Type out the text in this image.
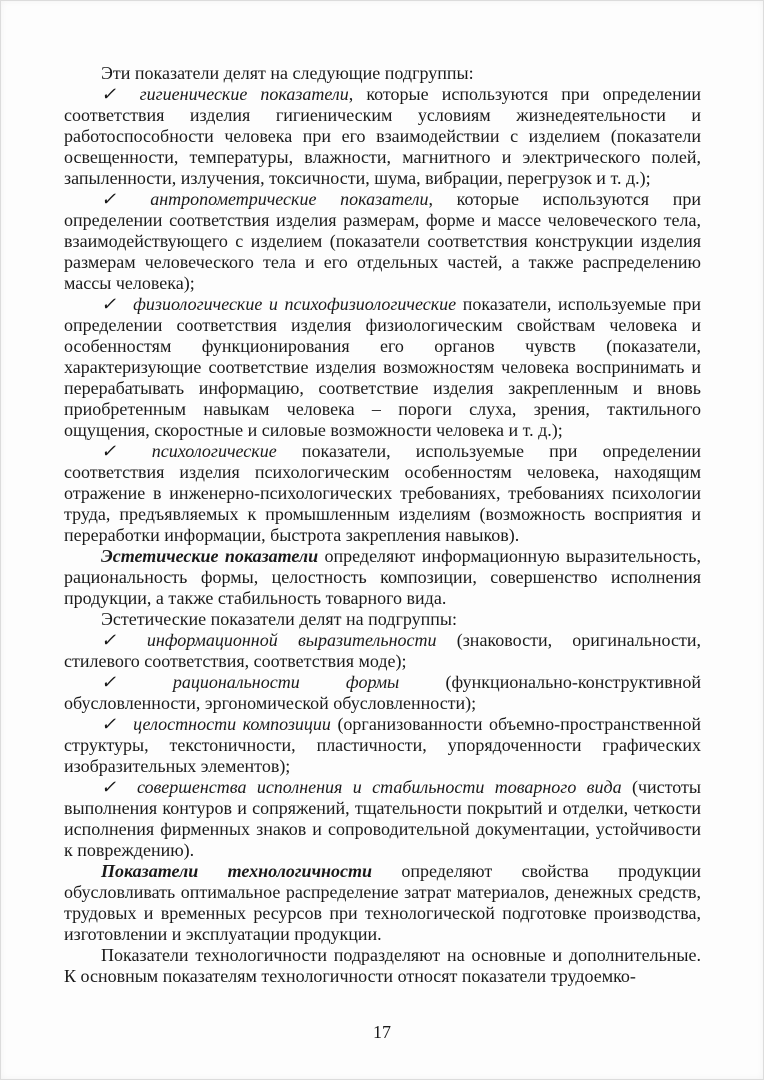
Эти показатели делят на следующие подгруппы:

✓ гигиенические показатели, которые используются при определении соответствия изделия гигиеническим условиям жизнедеятельности и работоспособности человека при его взаимодействии с изделием (показатели освещенности, температуры, влажности, магнитного и электрического полей, запыленности, излучения, токсичности, шума, вибрации, перегрузок и т. д.);

✓ антропометрические показатели, которые используются при определении соответствия изделия размерам, форме и массе человеческого тела, взаимодействующего с изделием (показатели соответствия конструкции изделия размерам человеческого тела и его отдельных частей, а также распределению массы человека);

✓ физиологические и психофизиологические показатели, используемые при определении соответствия изделия физиологическим свойствам человека и особенностям функционирования его органов чувств (показатели, характеризующие соответствие изделия возможностям человека воспринимать и перерабатывать информацию, соответствие изделия закрепленным и вновь приобретенным навыкам человека – пороги слуха, зрения, тактильного ощущения, скоростные и силовые возможности человека и т. д.);

✓ психологические показатели, используемые при определении соответствия изделия психологическим особенностям человека, находящим отражение в инженерно-психологических требованиях, требованиях психологии труда, предъявляемых к промышленным изделиям (возможность восприятия и переработки информации, быстрота закрепления навыков).

Эстетические показатели определяют информационную выразительность, рациональность формы, целостность композиции, совершенство исполнения продукции, а также стабильность товарного вида.

Эстетические показатели делят на подгруппы:

✓ информационной выразительности (знаковости, оригинальности, стилевого соответствия, соответствия моде);

✓ рациональности формы (функционально-конструктивной обусловленности, эргономической обусловленности);

✓ целостности композиции (организованности объемно-пространственной структуры, текстоничности, пластичности, упорядоченности графических изобразительных элементов);

✓ совершенства исполнения и стабильности товарного вида (чистоты выполнения контуров и сопряжений, тщательности покрытий и отделки, четкости исполнения фирменных знаков и сопроводительной документации, устойчивости к повреждению).

Показатели технологичности определяют свойства продукции обусловливать оптимальное распределение затрат материалов, денежных средств, трудовых и временных ресурсов при технологической подготовке производства, изготовлении и эксплуатации продукции.

Показатели технологичности подразделяют на основные и дополнительные. К основным показателям технологичности относят показатели трудоемко-

17
